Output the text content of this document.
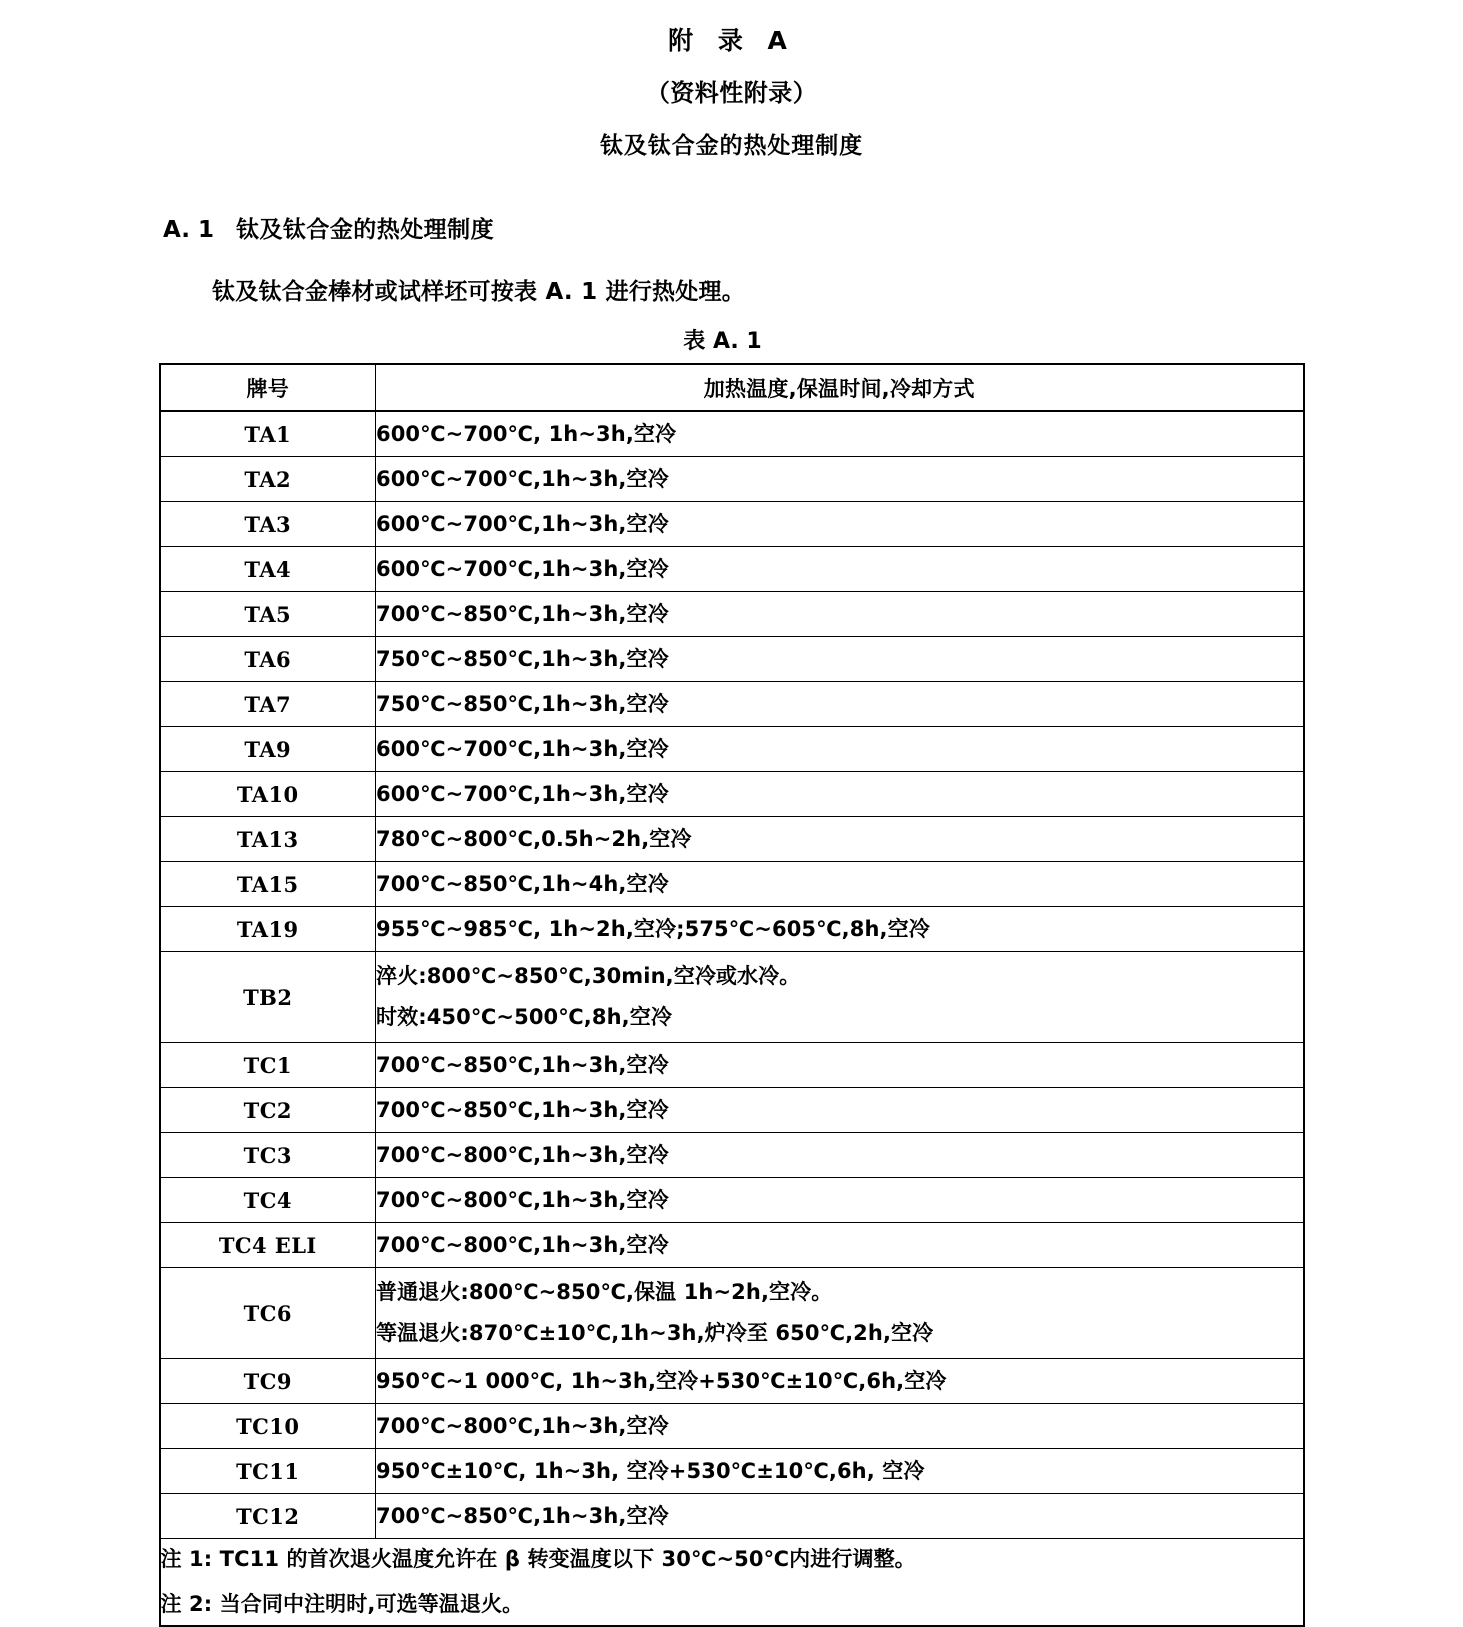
附 录 A
（资料性附录）
钛及钛合金的热处理制度
A. 1 钛及钛合金的热处理制度
钛及钛合金棒材或试样坯可按表 A. 1 进行热处理。
表 A. 1
牌号	加热温度,保温时间,冷却方式
TA1	600℃~700℃, 1h~3h,空冷

TA2	600℃~700℃,1h~3h,空冷

TA3	600℃~700℃,1h~3h,空冷

TA4	600℃~700℃,1h~3h,空冷

TA5	700℃~850℃,1h~3h,空冷

TA6	750℃~850℃,1h~3h,空冷

TA7	750℃~850℃,1h~3h,空冷

TA9	600℃~700℃,1h~3h,空冷

TA10	600℃~700℃,1h~3h,空冷

TA13	780℃~800℃,0.5h~2h,空冷

TA15	700℃~850℃,1h~4h,空冷

TA19	955℃~985℃, 1h~2h,空冷;575℃~605℃,8h,空冷

TB2	淬火:800℃~850℃,30min,空冷或水冷。
时效:450℃~500℃,8h,空冷

TC1	700℃~850℃,1h~3h,空冷

TC2	700℃~850℃,1h~3h,空冷

TC3	700℃~800℃,1h~3h,空冷

TC4	700℃~800℃,1h~3h,空冷

TC4 ELI	700℃~800℃,1h~3h,空冷

TC6	普通退火:800℃~850℃,保温 1h~2h,空冷。
等温退火:870℃±10℃,1h~3h,炉冷至 650℃,2h,空冷

TC9	950℃~1 000℃, 1h~3h,空冷+530℃±10℃,6h,空冷

TC10	700℃~800℃,1h~3h,空冷

TC11	950℃±10℃, 1h~3h, 空冷+530℃±10℃,6h, 空冷

TC12	700℃~850℃,1h~3h,空冷

注 1: TC11 的首次退火温度允许在 β 转变温度以下 30℃~50℃内进行调整。
注 2: 当合同中注明时,可选等温退火。	
